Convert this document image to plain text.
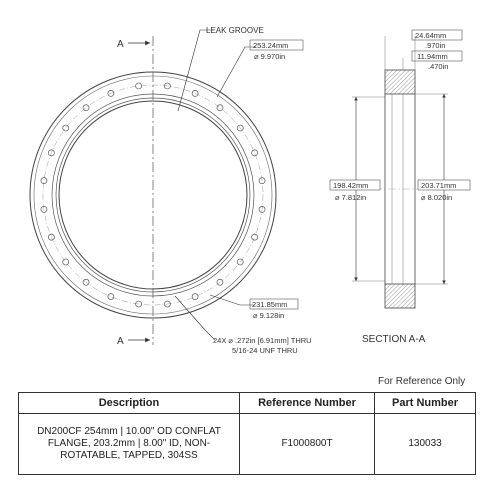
A
A
LEAK GROOVE
253.24mm
⌀ 9.970in
231.85mm
⌀ 9.128in
24X ⌀ .272in [6.91mm] THRU
5/16-24 UNF THRU
24.64mm
.970in
11.94mm
.470in
198.42mm
⌀ 7.812in
203.71mm
⌀ 8.020in
SECTION A-A
For Reference Only
Description	Reference Number	Part Number
DN200CF 254mm | 10.00" OD CONFLAT FLANGE, 203.2mm | 8.00" ID, NON-ROTATABLE, TAPPED, 304SS	F1000800T	130033
